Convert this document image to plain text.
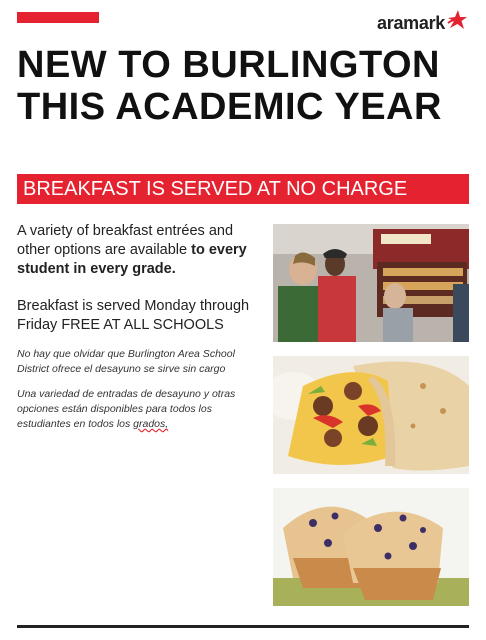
aramark
NEW TO BURLINGTON
THIS ACADEMIC YEAR
BREAKFAST IS SERVED AT NO CHARGE

A variety of breakfast entrées and other options are available to every student in every grade.

Breakfast is served Monday through Friday FREE AT ALL SCHOOLS

No hay que olvidar que Burlington Area School District ofrece el desayuno se sirve sin cargo

Una variedad de entradas de desayuno y otras opciones están disponibles para todos los estudiantes en todos los grados,
